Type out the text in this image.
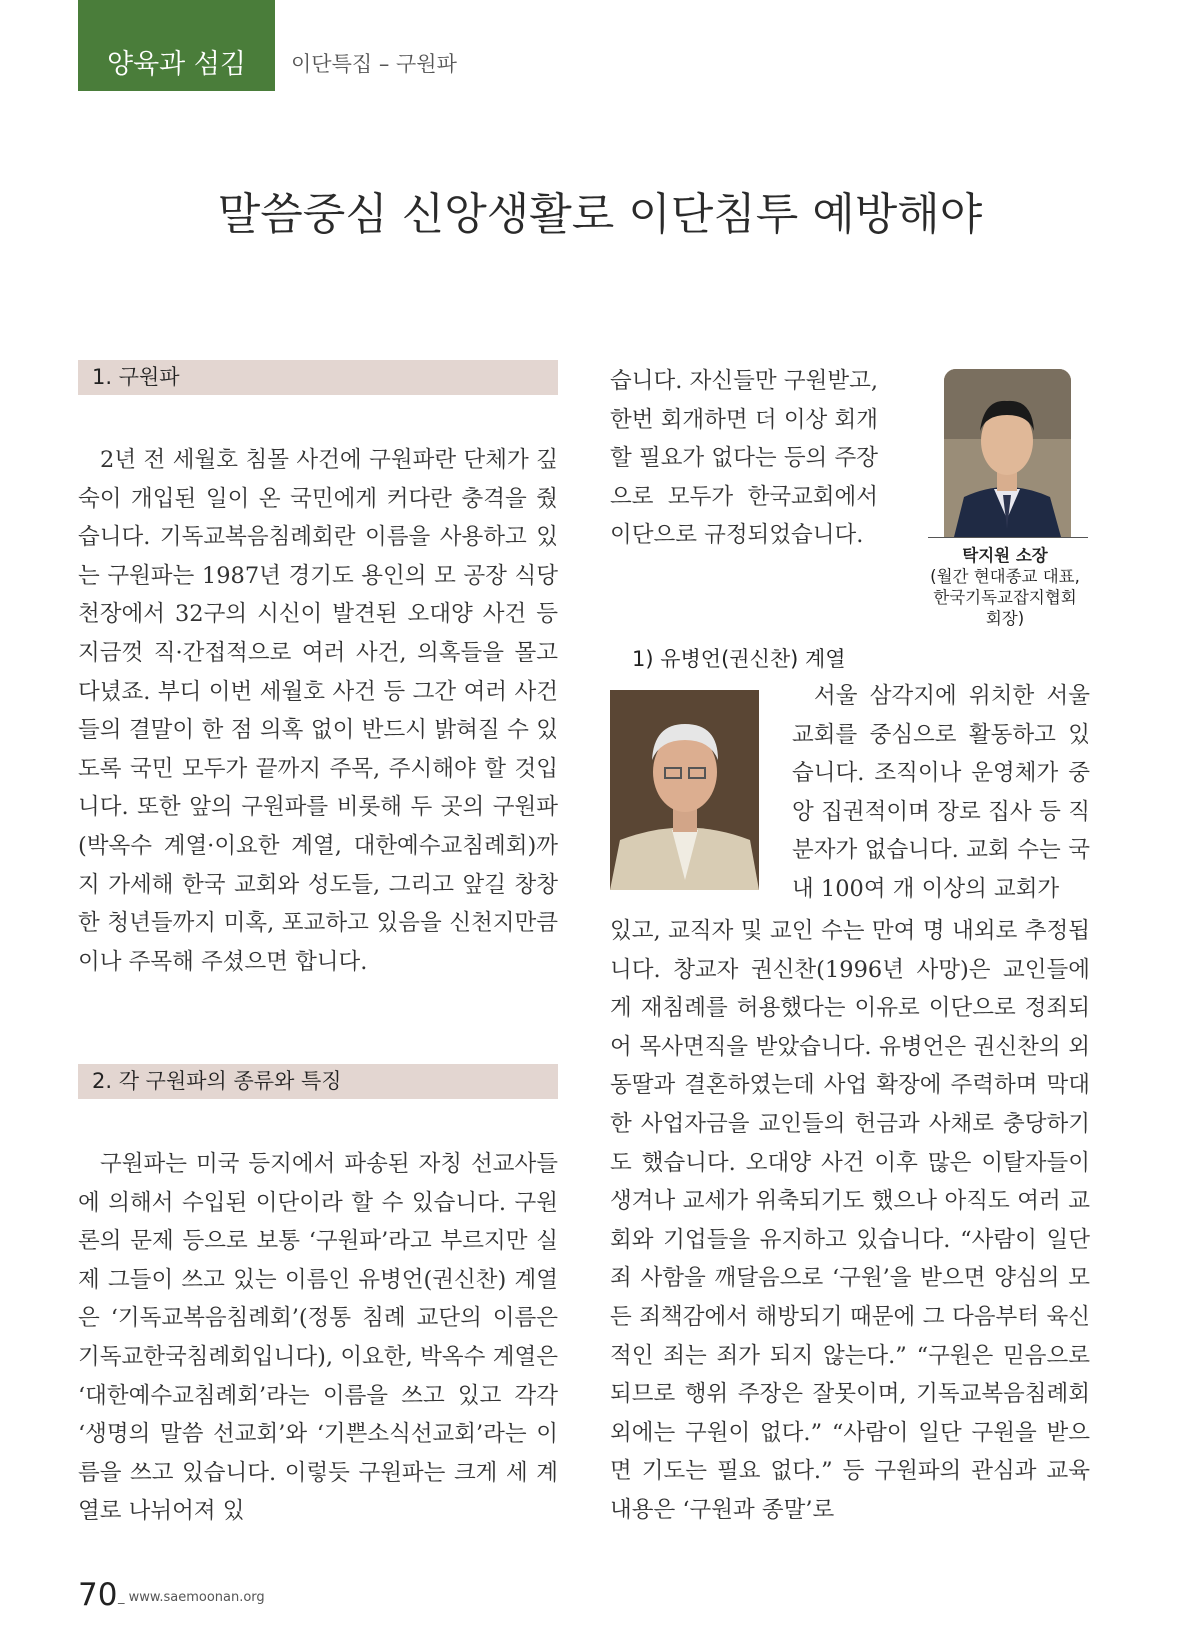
양육과 섬김	이단특집 – 구원파
말씀중심 신앙생활로 이단침투 예방해야
1. 구원파

2년 전 세월호 침몰 사건에 구원파란 단체가 깊숙이 개입된 일이 온 국민에게 커다란 충격을 줬습니다. 기독교복음침례회란 이름을 사용하고 있는 구원파는 1987년 경기도 용인의 모 공장 식당 천장에서 32구의 시신이 발견된 오대양 사건 등 지금껏 직·간접적으로 여러 사건, 의혹들을 몰고 다녔죠. 부디 이번 세월호 사건 등 그간 여러 사건들의 결말이 한 점 의혹 없이 반드시 밝혀질 수 있도록 국민 모두가 끝까지 주목, 주시해야 할 것입니다. 또한 앞의 구원파를 비롯해 두 곳의 구원파(박옥수 계열·이요한 계열, 대한예수교침례회)까지 가세해 한국 교회와 성도들, 그리고 앞길 창창한 청년들까지 미혹, 포교하고 있음을 신천지만큼이나 주목해 주셨으면 합니다.

2. 각 구원파의 종류와 특징

구원파는 미국 등지에서 파송된 자칭 선교사들에 의해서 수입된 이단이라 할 수 있습니다. 구원론의 문제 등으로 보통 ‘구원파’라고 부르지만 실제 그들이 쓰고 있는 이름인 유병언(권신찬) 계열은 ‘기독교복음침례회’(정통 침례 교단의 이름은 기독교한국침례회입니다), 이요한, 박옥수 계열은 ‘대한예수교침례회’라는 이름을 쓰고 있고 각각 ‘생명의 말씀 선교회’와 ‘기쁜소식선교회’라는 이름을 쓰고 있습니다. 이렇듯 구원파는 크게 세 계열로 나뉘어져 있

습니다. 자신들만 구원받고, 한번 회개하면 더 이상 회개할 필요가 없다는 등의 주장으로 모두가 한국교회에서 이단으로 규정되었습니다.

탁지원 소장
(월간 현대종교 대표,
한국기독교잡지협회
회장)
1) 유병언(권신찬) 계열

서울 삼각지에 위치한 서울교회를 중심으로 활동하고 있습니다. 조직이나 운영체가 중앙 집권적이며 장로 집사 등 직분자가 없습니다. 교회 수는 국내 100여 개 이상의 교회가

있고, 교직자 및 교인 수는 만여 명 내외로 추정됩니다. 창교자 권신찬(1996년 사망)은 교인들에게 재침례를 허용했다는 이유로 이단으로 정죄되어 목사면직을 받았습니다. 유병언은 권신찬의 외동딸과 결혼하였는데 사업 확장에 주력하며 막대한 사업자금을 교인들의 헌금과 사채로 충당하기도 했습니다. 오대양 사건 이후 많은 이탈자들이 생겨나 교세가 위축되기도 했으나 아직도 여러 교회와 기업들을 유지하고 있습니다. “사람이 일단 죄 사함을 깨달음으로 ‘구원’을 받으면 양심의 모든 죄책감에서 해방되기 때문에 그 다음부터 육신적인 죄는 죄가 되지 않는다.” “구원은 믿음으로 되므로 행위 주장은 잘못이며, 기독교복음침례회 외에는 구원이 없다.” “사람이 일단 구원을 받으면 기도는 필요 없다.” 등 구원파의 관심과 교육내용은 ‘구원과 종말’로

70 _ www.saemoonan.org
